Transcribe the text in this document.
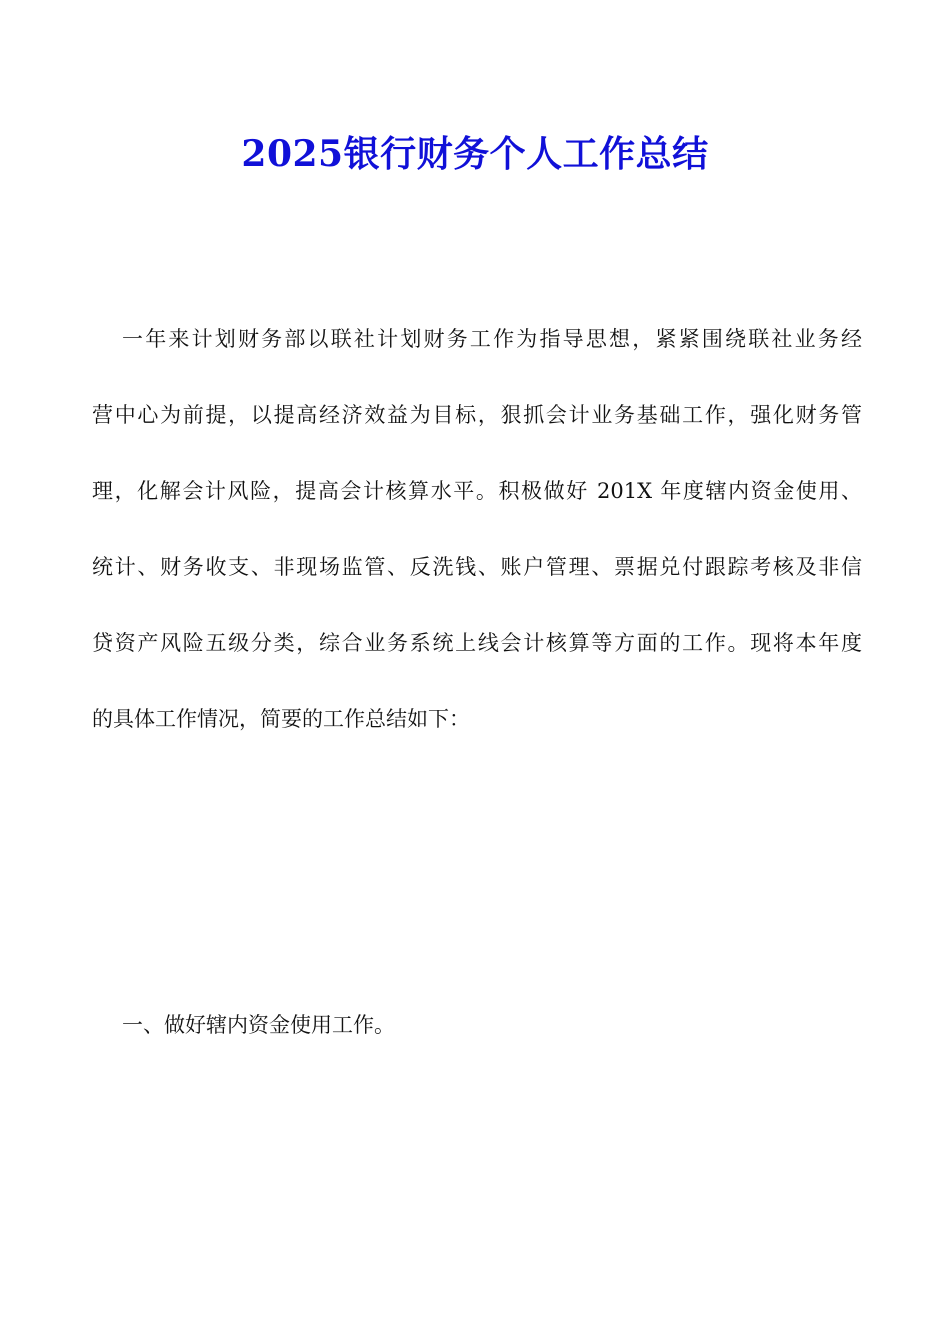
2025银行财务个人工作总结
一年来计划财务部以联社计划财务工作为指导思想，紧紧围绕联社业务经
营中心为前提，以提高经济效益为目标，狠抓会计业务基础工作，强化财务管
理，化解会计风险，提高会计核算水平。积极做好 201X 年度辖内资金使用、
统计、财务收支、非现场监管、反洗钱、账户管理、票据兑付跟踪考核及非信
贷资产风险五级分类，综合业务系统上线会计核算等方面的工作。现将本年度
的具体工作情况，简要的工作总结如下：
一、做好辖内资金使用工作。
